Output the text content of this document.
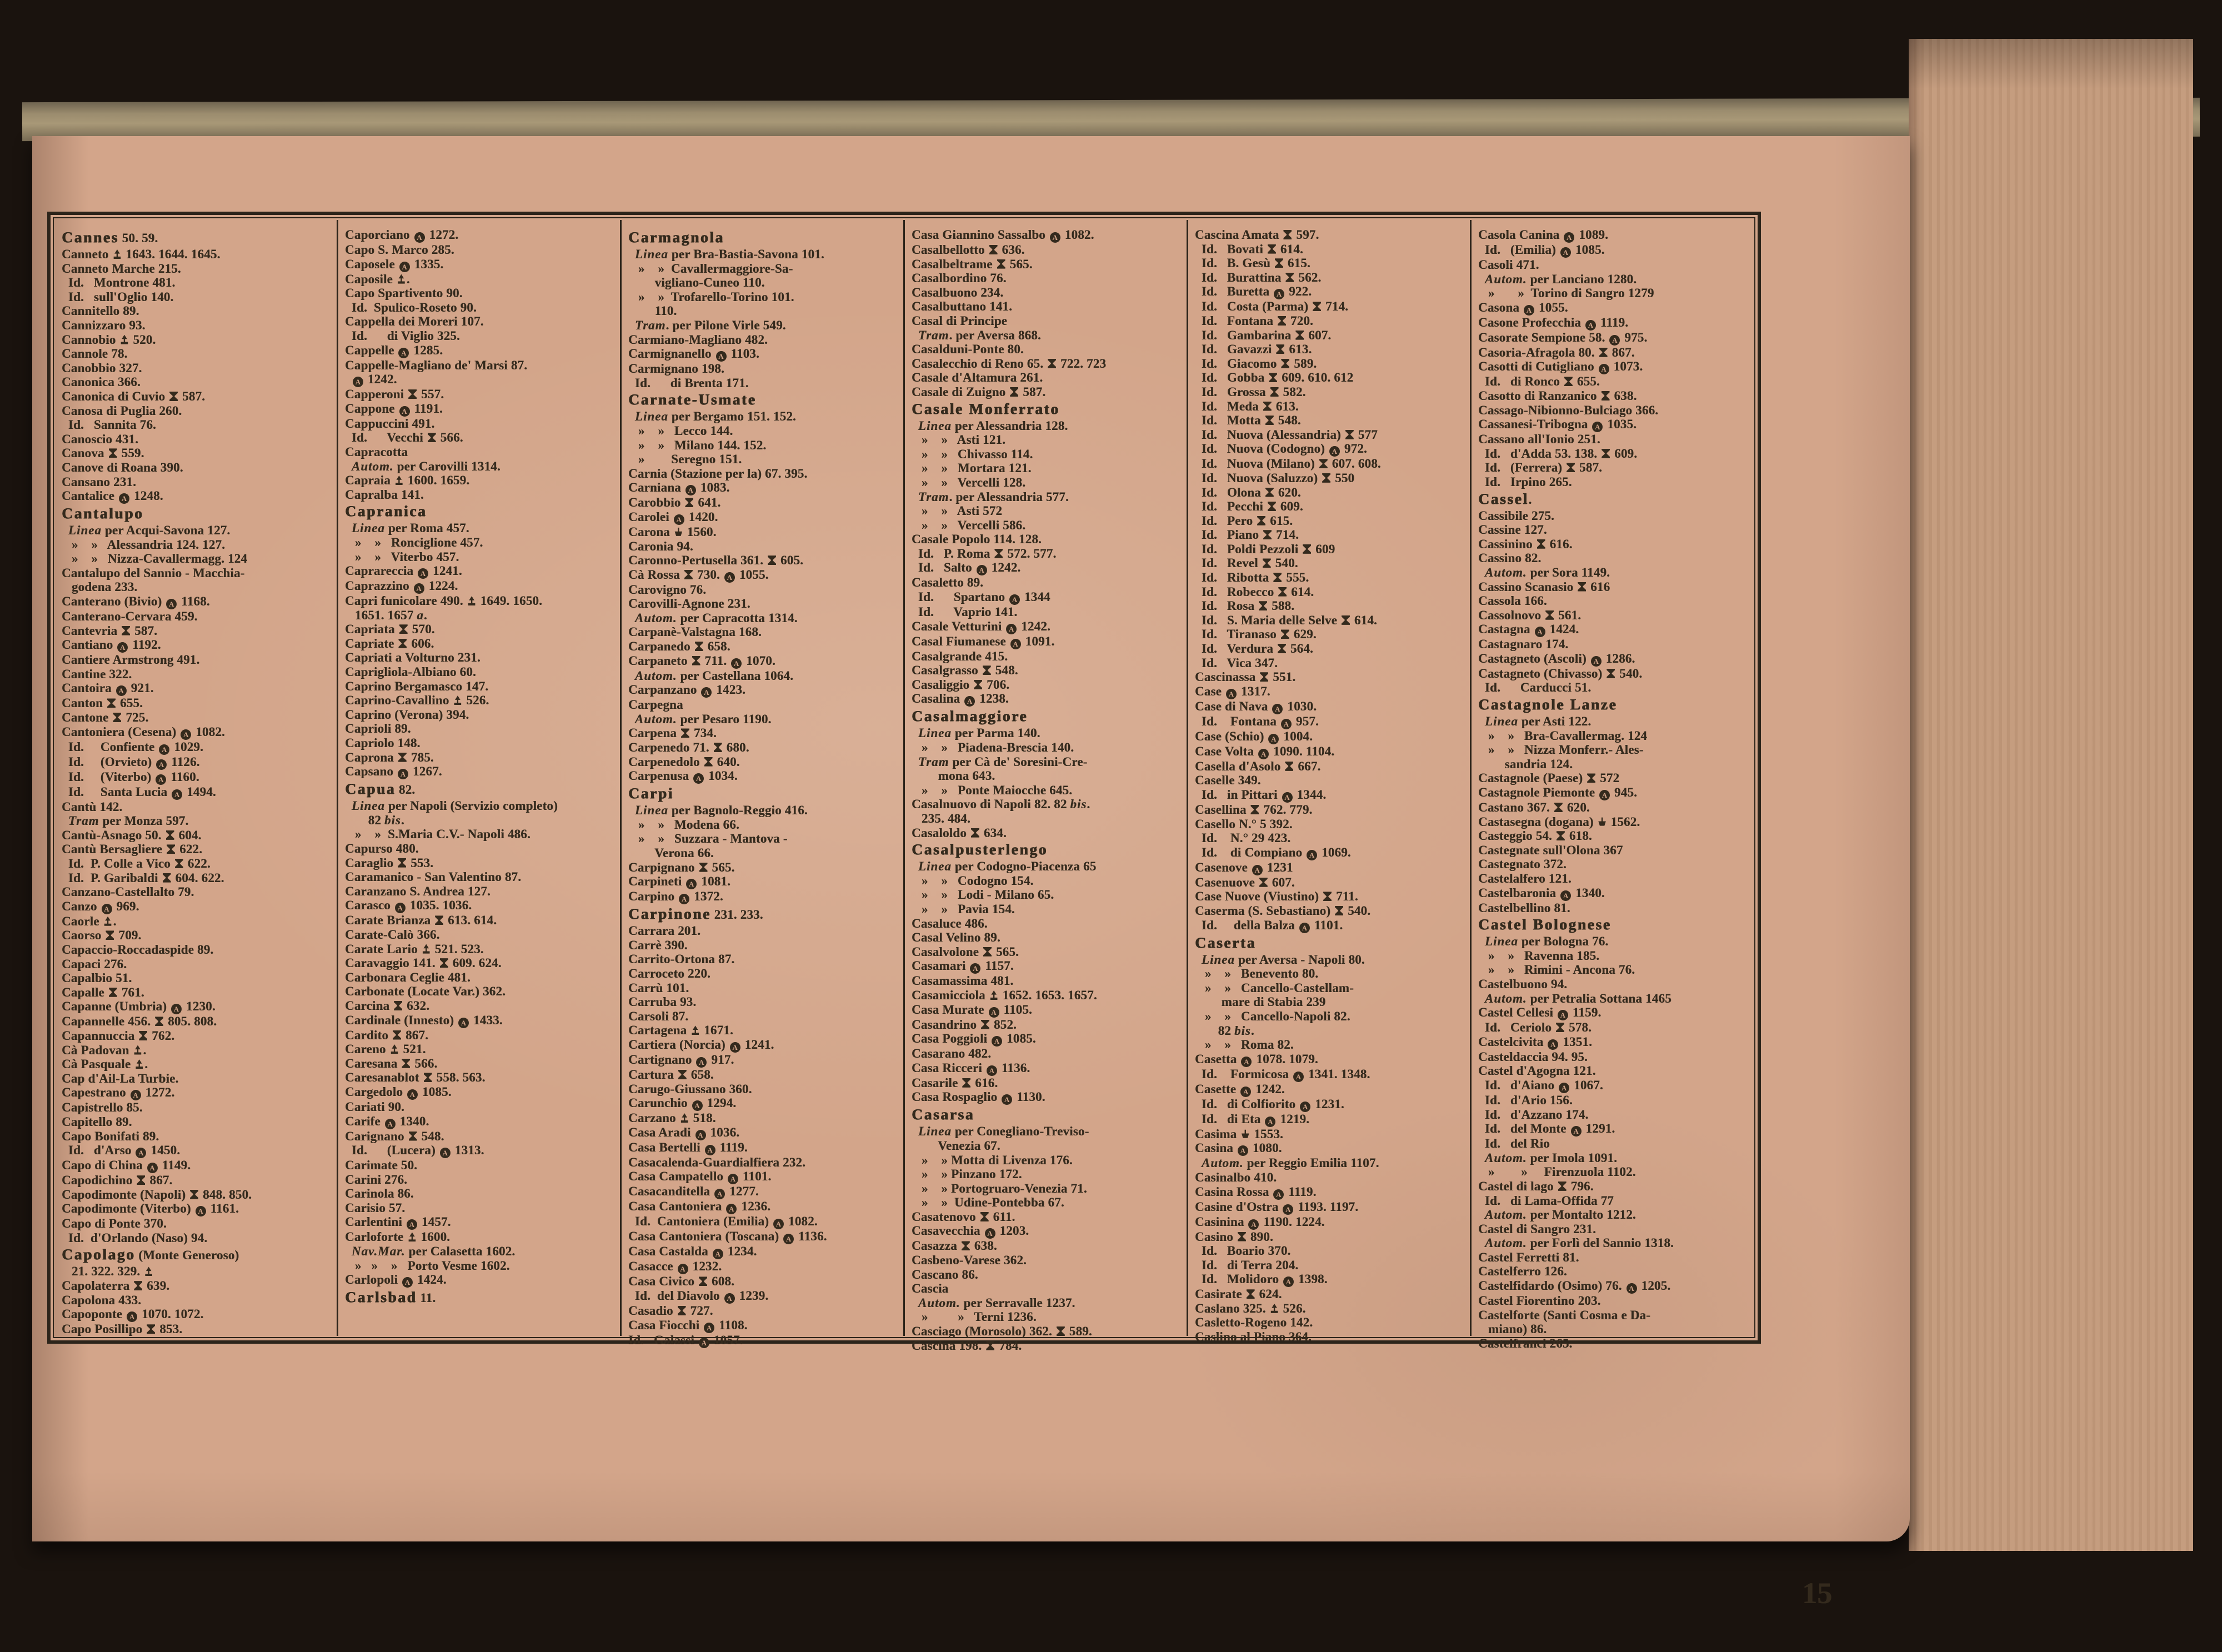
Cannes 50. 59.
Canneto  1643. 1644. 1645.
Canneto Marche 215.
Id.   Montrone 481.
Id.   sull'Oglio 140.
Cannitello 89.
Cannizzaro 93.
Cannobio  520.
Cannole 78.
Canobbio 327.
Canonica 366.
Canonica di Cuvio  587.
Canosa di Puglia 260.
Id.   Sannita 76.
Canoscio 431.
Canova  559.
Canove di Roana 390.
Cansano 231.
Cantalice A 1248.
Cantalupo
Linea per Acqui-Savona 127.
»    »   Alessandria 124. 127.
»    »   Nizza-Cavallermagg. 124
Cantalupo del Sannio - Macchia-
godena 233.
Canterano (Bivio) A 1168.
Canterano-Cervara 459.
Cantevria  587.
Cantiano A 1192.
Cantiere Armstrong 491.
Cantine 322.
Cantoira A 921.
Canton  655.
Cantone  725.
Cantoniera (Cesena) A 1082.
Id.     Confiente A 1029.
Id.     (Orvieto) A 1126.
Id.     (Viterbo) A 1160.
Id.     Santa Lucia A 1494.
Cantù 142.
Tram per Monza 597.
Cantù-Asnago 50.  604.
Cantù Bersagliere  622.
Id.  P. Colle a Vico  622.
Id.  P. Garibaldi  604. 622.
Canzano-Castellalto 79.
Canzo A 969.
Caorle .
Caorso  709.
Capaccio-Roccadaspide 89.
Capaci 276.
Capalbio 51.
Capalle  761.
Capanne (Umbria) A 1230.
Capannelle 456.  805. 808.
Capannuccia  762.
Cà Padovan .
Cà Pasquale .
Cap d'Ail-La Turbie.
Capestrano A 1272.
Capistrello 85.
Capitello 89.
Capo Bonifati 89.
Id.   d'Arso A 1450.
Capo di China A 1149.
Capodichino  867.
Capodimonte (Napoli)  848. 850.
Capodimonte (Viterbo) A 1161.
Capo di Ponte 370.
Id.  d'Orlando (Naso) 94.
Capolago (Monte Generoso)
21. 322. 329.
Capolaterra  639.
Capolona 433.
Capoponte A 1070. 1072.
Capo Posillipo  853.
Caporciano A 1272.
Capo S. Marco 285.
Caposele A 1335.
Caposile .
Capo Spartivento 90.
Id.  Spulico-Roseto 90.
Cappella dei Moreri 107.
Id.      di Viglio 325.
Cappelle A 1285.
Cappelle-Magliano de' Marsi 87.
A 1242.
Capperoni  557.
Cappone A 1191.
Cappuccini 491.
Id.      Vecchi  566.
Capracotta
Autom. per Carovilli 1314.
Capraia  1600. 1659.
Capralba 141.
Capranica
Linea per Roma 457.
»    »   Ronciglione 457.
»    »   Viterbo 457.
Caprareccia A 1241.
Caprazzino A 1224.
Capri funicolare 490.  1649. 1650.
1651. 1657 a.
Capriata  570.
Capriate  606.
Capriati a Volturno 231.
Caprigliola-Albiano 60.
Caprino Bergamasco 147.
Caprino-Cavallino  526.
Caprino (Verona) 394.
Caprioli 89.
Capriolo 148.
Caprona  785.
Capsano A 1267.
Capua 82.
Linea per Napoli (Servizio completo)
82 bis.
»    »  S.Maria C.V.- Napoli 486.
Capurso 480.
Caraglio  553.
Caramanico - San Valentino 87.
Caranzano S. Andrea 127.
Carasco A 1035. 1036.
Carate Brianza  613. 614.
Carate-Calò 366.
Carate Lario  521. 523.
Caravaggio 141.  609. 624.
Carbonara Ceglie 481.
Carbonate (Locate Var.) 362.
Carcina  632.
Cardinale (Innesto) A 1433.
Cardito  867.
Careno  521.
Caresana  566.
Caresanablot  558. 563.
Cargedolo A 1085.
Cariati 90.
Carife A 1340.
Carignano  548.
Id.      (Lucera) A 1313.
Carimate 50.
Carini 276.
Carinola 86.
Carisio 57.
Carlentini A 1457.
Carloforte  1600.
Nav.Mar. per Calasetta 1602.
»   »    »   Porto Vesme 1602.
Carlopoli A 1424.
Carlsbad 11.
Carmagnola
Linea per Bra-Bastia-Savona 101.
»    »  Cavallermaggiore-Sa-
vigliano-Cuneo 110.
»    »  Trofarello-Torino 101.
110.
Tram. per Pilone Virle 549.
Carmiano-Magliano 482.
Carmignanello A 1103.
Carmignano 198.
Id.      di Brenta 171.
Carnate-Usmate
Linea per Bergamo 151. 152.
»    »   Lecco 144.
»    »   Milano 144. 152.
»        Seregno 151.
Carnia (Stazione per la) 67. 395.
Carniana A 1083.
Carobbio  641.
Carolei A 1420.
Carona  1560.
Caronia 94.
Caronno-Pertusella 361.  605.
Cà Rossa  730. A 1055.
Carovigno 76.
Carovilli-Agnone 231.
Autom. per Capracotta 1314.
Carpanè-Valstagna 168.
Carpanedo  658.
Carpaneto  711. A 1070.
Autom. per Castellana 1064.
Carpanzano A 1423.
Carpegna
Autom. per Pesaro 1190.
Carpena  734.
Carpenedo 71.  680.
Carpenedolo  640.
Carpenusa A 1034.
Carpi
Linea per Bagnolo-Reggio 416.
»    »   Modena 66.
»    »   Suzzara - Mantova -
Verona 66.
Carpignano  565.
Carpineti A 1081.
Carpino A 1372.
Carpinone 231. 233.
Carrara 201.
Carrè 390.
Carrito-Ortona 87.
Carroceto 220.
Carrù 101.
Carruba 93.
Carsoli 87.
Cartagena  1671.
Cartiera (Norcia) A 1241.
Cartignano A 917.
Cartura  658.
Carugo-Giussano 360.
Carunchio A 1294.
Carzano  518.
Casa Aradi A 1036.
Casa Bertelli A 1119.
Casacalenda-Guardialfiera 232.
Casa Campatello A 1101.
Casacanditella A 1277.
Casa Cantoniera A 1236.
Id.  Cantoniera (Emilia) A 1082.
Casa Cantoniera (Toscana) A 1136.
Casa Castalda A 1234.
Casacce A 1232.
Casa Civico  608.
Id.  del Diavolo A 1239.
Casadio  727.
Casa Fiocchi A 1108.
Id.   Galassi A 1057.
Casa Giannino Sassalbo A 1082.
Casalbellotto  636.
Casalbeltrame  565.
Casalbordino 76.
Casalbuono 234.
Casalbuttano 141.
Casal di Principe
Tram. per Aversa 868.
Casalduni-Ponte 80.
Casalecchio di Reno 65.  722. 723
Casale d'Altamura 261.
Casale di Zuigno  587.
Casale Monferrato
Linea per Alessandria 128.
»    »   Asti 121.
»    »   Chivasso 114.
»    »   Mortara 121.
»    »   Vercelli 128.
Tram. per Alessandria 577.
»    »   Asti 572
»    »   Vercelli 586.
Casale Popolo 114. 128.
Id.   P. Roma  572. 577.
Id.   Salto A 1242.
Casaletto 89.
Id.      Spartano A 1344
Id.      Vaprio 141.
Casale Vetturini A 1242.
Casal Fiumanese A 1091.
Casalgrande 415.
Casalgrasso  548.
Casaliggio  706.
Casalina A 1238.
Casalmaggiore
Linea per Parma 140.
»    »   Piadena-Brescia 140.
Tram per Cà de' Soresini-Cre-
mona 643.
»    »   Ponte Maiocche 645.
Casalnuovo di Napoli 82. 82 bis.
235. 484.
Casaloldo  634.
Casalpusterlengo
Linea per Codogno-Piacenza 65
»    »   Codogno 154.
»    »   Lodi - Milano 65.
»    »   Pavia 154.
Casaluce 486.
Casal Velino 89.
Casalvolone  565.
Casamari A 1157.
Casamassima 481.
Casamicciola  1652. 1653. 1657.
Casa Murate A 1105.
Casandrino  852.
Casa Poggioli A 1085.
Casarano 482.
Casa Ricceri A 1136.
Casarile  616.
Casa Rospaglio A 1130.
Casarsa
Linea per Conegliano-Treviso-
Venezia 67.
»    » Motta di Livenza 176.
»    » Pinzano 172.
»    » Portogruaro-Venezia 71.
»    »  Udine-Pontebba 67.
Casatenovo  611.
Casavecchia A 1203.
Casazza  638.
Casbeno-Varese 362.
Cascano 86.
Cascia
Autom. per Serravalle 1237.
»         »   Terni 1236.
Casciago (Morosolo) 362.  589.
Cascina 198.  784.
Cascina Amata  597.
Id.   Bovati  614.
Id.   B. Gesù  615.
Id.   Burattina  562.
Id.   Buretta A 922.
Id.   Costa (Parma)  714.
Id.   Fontana  720.
Id.   Gambarina  607.
Id.   Gavazzi  613.
Id.   Giacomo  589.
Id.   Gobba  609. 610. 612
Id.   Grossa  582.
Id.   Meda  613.
Id.   Motta  548.
Id.   Nuova (Alessandria)  577
Id.   Nuova (Codogno) A 972.
Id.   Nuova (Milano)  607. 608.
Id.   Nuova (Saluzzo)  550
Id.   Olona  620.
Id.   Pecchi  609.
Id.   Pero  615.
Id.   Piano  714.
Id.   Poldi Pezzoli  609
Id.   Revel  540.
Id.   Ribotta  555.
Id.   Robecco  614.
Id.   Rosa  588.
Id.   S. Maria delle Selve  614.
Id.   Tiranaso  629.
Id.   Verdura  564.
Id.   Vica 347.
Cascinassa  551.
Case A 1317.
Case di Nava A 1030.
Id.    Fontana A 957.
Case (Schio) A 1004.
Case Volta A 1090. 1104.
Casella d'Asolo  667.
Caselle 349.
Id.   in Pittari A 1344.
Casellina  762. 779.
Casello N.° 5 392.
Id.    N.° 29 423.
Id.    di Compiano A 1069.
Casenove A 1231
Casenuove  607.
Case Nuove (Viustino)  711.
Caserma (S. Sebastiano)  540.
Id.     della Balza A 1101.
Caserta
Linea per Aversa - Napoli 80.
»    »   Benevento 80.
»    »   Cancello-Castellam-
mare di Stabia 239
»    »   Cancello-Napoli 82.
82 bis.
»    »   Roma 82.
Casetta A 1078. 1079.
Id.    Formicosa A 1341. 1348.
Casette A 1242.
Id.   di Colfiorito A 1231.
Id.   di Eta A 1219.
Casima  1553.
Casina A 1080.
Autom. per Reggio Emilia 1107.
Casinalbo 410.
Casina Rossa A 1119.
Casine d'Ostra A 1193. 1197.
Casinina A 1190. 1224.
Casino  890.
Id.   Boario 370.
Id.   di Terra 204.
Id.   Molidoro A 1398.
Casirate  624.
Caslano 325.  526.
Casletto-Rogeno 142.
Caslino al Piano 364.
Casola Canina A 1089.
Id.   (Emilia) A 1085.
Casoli 471.
Autom. per Lanciano 1280.
»       »  Torino di Sangro 1279
Casona A 1055.
Casone Profecchia A 1119.
Casorate Sempione 58. A 975.
Casoria-Afragola 80.  867.
Casotti di Cutigliano A 1073.
Id.   di Ronco  655.
Casotto di Ranzanico  638.
Cassago-Nibionno-Bulciago 366.
Cassanesi-Tribogna A 1035.
Cassano all'Ionio 251.
Id.   d'Adda 53. 138.  609.
Id.   (Ferrera)  587.
Id.   Irpino 265.
Cassel.
Cassibile 275.
Cassine 127.
Cassinino  616.
Cassino 82.
Autom. per Sora 1149.
Cassino Scanasio  616
Cassola 166.
Cassolnovo  561.
Castagna A 1424.
Castagnaro 174.
Castagneto (Ascoli) A 1286.
Castagneto (Chivasso)  540.
Id.      Carducci 51.
Castagnole Lanze
Linea per Asti 122.
»    »   Bra-Cavallermag. 124
»    »   Nizza Monferr.- Ales-
sandria 124.
Castagnole (Paese)  572
Castagnole Piemonte A 945.
Castano 367.  620.
Castasegna (dogana)  1562.
Casteggio 54.  618.
Castegnate sull'Olona 367
Castegnato 372.
Castelalfero 121.
Castelbaronia A 1340.
Castelbellino 81.
Castel Bolognese
Linea per Bologna 76.
»    »   Ravenna 185.
»    »   Rimini - Ancona 76.
Castelbuono 94.
Autom. per Petralia Sottana 1465
Castel Cellesi A 1159.
Id.   Ceriolo  578.
Castelcivita A 1351.
Casteldaccia 94. 95.
Castel d'Agogna 121.
Id.   d'Aiano A 1067.
Id.   d'Ario 156.
Id.   d'Azzano 174.
Id.   del Monte A 1291.
Id.   del Rio
Autom. per Imola 1091.
»        »     Firenzuola 1102.
Castel di lago  796.
Id.   di Lama-Offida 77
Autom. per Montalto 1212.
Castel di Sangro 231.
Autom. per Forlì del Sannio 1318.
Castel Ferretti 81.
Castelferro 126.
Castelfidardo (Osimo) 76. A 1205.
Castel Fiorentino 203.
Castelforte (Santi Cosma e Da-
miano) 86.
Castelfranci 265.
15
